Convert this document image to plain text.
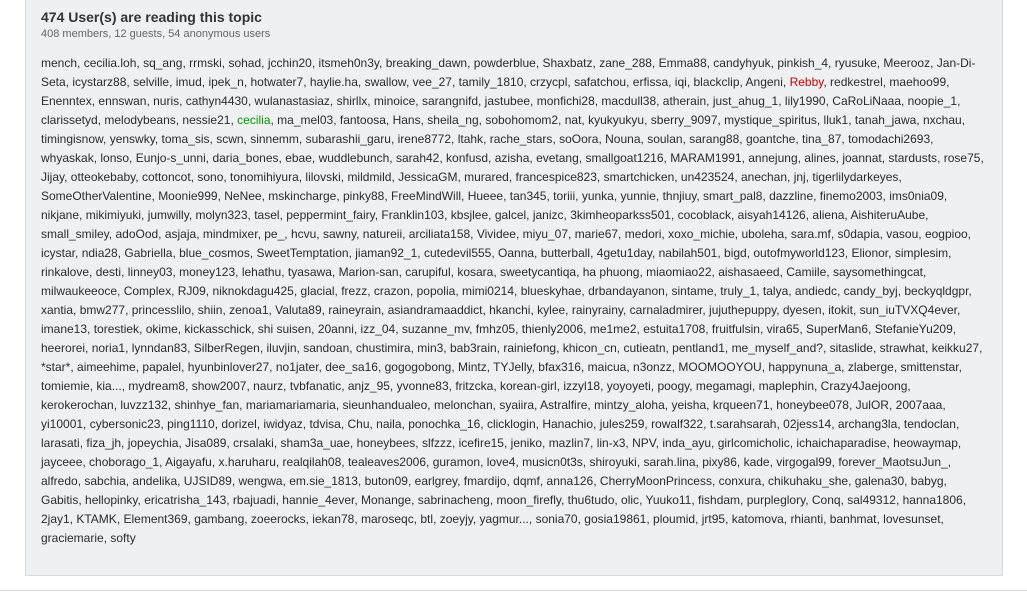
474 User(s) are reading this topic
408 members, 12 guests, 54 anonymous users
mench, cecilia.loh, sq_ang, rrmski, sohad, jcchin20, itsmeh0n3y, breaking_dawn, powderblue, Shaxbatz, zane_288, Emma88, candyhyuk, pinkish_4, ryusuke, Meerooz, Jan-Di-Seta, icystarz88, selville, imud, ipek_n, hotwater7, haylie.ha, swallow, vee_27, tamily_1810, crzycpl, safatchou, erfissa, iqi, blackclip, Angeni, Rebby, redkestrel, maehoo99, Enenntex, ennswan, nuris, cathyn4430, wulanastasiaz, shirllx, minoice, sarangnifd, jastubee, monfichi28, macdull38, atherain, just_ahug_1, lily1990, CaRoLiNaaa, noopie_1, clarissetyd, melodybeans, nessie21, cecilia, ma_mel03, fantoosa, Hans, sheila_ng, sobohomom2, nat, kyukyukyu, sberry_9097, mystique_spiritus, lluk1, tanah_jawa, nxchau, timingisnow, yenswky, toma_sis, scwn, sinnemm, subarashii_garu, irene8772, ltahk, rache_stars, soOora, Nouna, soulan, sarang88, goantche, tina_87, tomodachi2693, whyaskak, lonso, Eunjo-s_unni, daria_bones, ebae, wuddlebunch, sarah42, konfusd, azisha, evetang, smallgoat1216, MARAM1991, annejung, alines, joannat, stardusts, rose75, Jijay, otteokebaby, cottoncot, sono, tonomihiyura, lilovski, mildmild, JessicaGM, murared, francespice823, smartchicken, un423524, anechan, jnj, tigerlilydarkeyes, SomeOtherValentine, Moonie999, NeNee, mskincharge, pinky88, FreeMindWill, Hueee, tan345, toriii, yunka, yunnie, thnjiuy, smart_pal8, dazzline, finemo2003, ims0nia09, nikjane, mikimiyuki, jumwilly, molyn323, tasel, peppermint_fairy, Franklin103, kbsjlee, galcel, janizc, 3kimheoparkss501, cocoblack, aisyah14126, aliena, AishiteruAube, small_smiley, adoOod, asjaja, mindmixer, pe_, hcvu, sawny, natureii, arciliata158, Vividee, miyu_07, marie67, medori, xoxo_michie, uboleha, sara.mf, s0dapia, vasou, eogpioo, icystar, ndia28, Gabriella, blue_cosmos, SweetTemptation, jiaman92_1, cutedevil555, Oanna, butterball, 4getu1day, nabilah501, bigd, outofmyworld123, Elionor, simplesim, rinkalove, desti, linney03, money123, lehathu, tyasawa, Marion-san, carupiful, kosara, sweetycantiqa, ha phuong, miaomiao22, aishasaeed, Camiile, saysomethingcat, milwaukeeoce, Complex, RJ09, niknokdagu425, glacial, frezz, crazon, popolia, mimi0214, blueskyhae, drbandayanon, sintame, truly_1, talya, andiedc, candy_byj, beckyqldgpr, xantia, bmw277, princesslilo, shiin, zenoa1, Valuta89, raineyrain, asiandramaaddict, hkanchi, kylee, rainyrainy, carnaladmirer, jujuthepuppy, dyesen, itokit, sun_iuTVXQ4ever, imane13, torestiek, okime, kickasschick, shi suisen, 20anni, izz_04, suzanne_mv, fmhz05, thienly2006, me1me2, estuita1708, fruitfulsin, vira65, SuperMan6, StefanieYu209, heerorei, noria1, lynndan83, SilberRegen, iluvjin, sandoan, chustimira, min3, bab3rain, rainiefong, khicon_cn, cutieatn, pentland1, me_myself_and?, sitaslide, strawhat, keikku27, *star*, aimeehime, papalel, hyunbinlover27, no1jater, dee_sa16, gogogobong, Mintz, TYJelly, bfax316, maicua, n3onzz, MOOMOOYOU, happynuna_a, zlaberge, smittenstar, tomiemie, kia..., mydream8, show2007, naurz, tvbfanatic, anjz_95, yvonne83, fritzcka, korean-girl, izzyl18, yoyoyeti, poogy, megamagi, maplephin, Crazy4Jaejoong, kerokerochan, luvzz132, shinhye_fan, mariamariamaria, sieunhandualeo, melonchan, syaiira, Astralfire, mintzy_aloha, yeisha, krqueen71, honeybee078, JulOR, 2007aaa, yi10001, cybersonic23, ping1110, dorizel, iwidyaz, tdvisa, Chu, naila, ponochka_16, clicklogin, Hanachio, jules259, rowalf322, t.sarahsarah, 02jess14, archang3la, tendoclan, larasati, fiza_jh, jopeychia, Jisa089, crsalaki, sham3a_uae, honeybees, slfzzz, icefire15, jeniko, mazlin7, lin-x3, NPV, inda_ayu, girlcomicholic, ichaichaparadise, heowaymap, jayceee, choborago_1, Aigayafu, x.haruharu, realqilah08, tealeaves2006, guramon, love4, musicn0t3s, shiroyuki, sarah.lina, pixy86, kade, virgogal99, forever_MaotsuJun_, alfredo, sabchia, andelika, UJSID89, wengwa, em.sie_1813, buton09, earlgrey, fmardijo, dqmf, anna126, CherryMoonPrincess, conxura, chikuhaku_she, galena30, babyg, Gabitis, hellopinky, ericatrisha_143, rbajuadi, hannie_4ever, Monange, sabrinacheng, moon_firefly, thu6tudo, olic, Yuuko11, fishdam, purpleglory, Conq, sal49312, hanna1806, 2jay1, KTAMK, Element369, gambang, zoeerocks, iekan78, maroseqc, btl, zoeyjy, yagmur..., sonia70, gosia19861, ploumid, jrt95, katomova, rhianti, banhmat, lovesunset, graciemarie, softy
